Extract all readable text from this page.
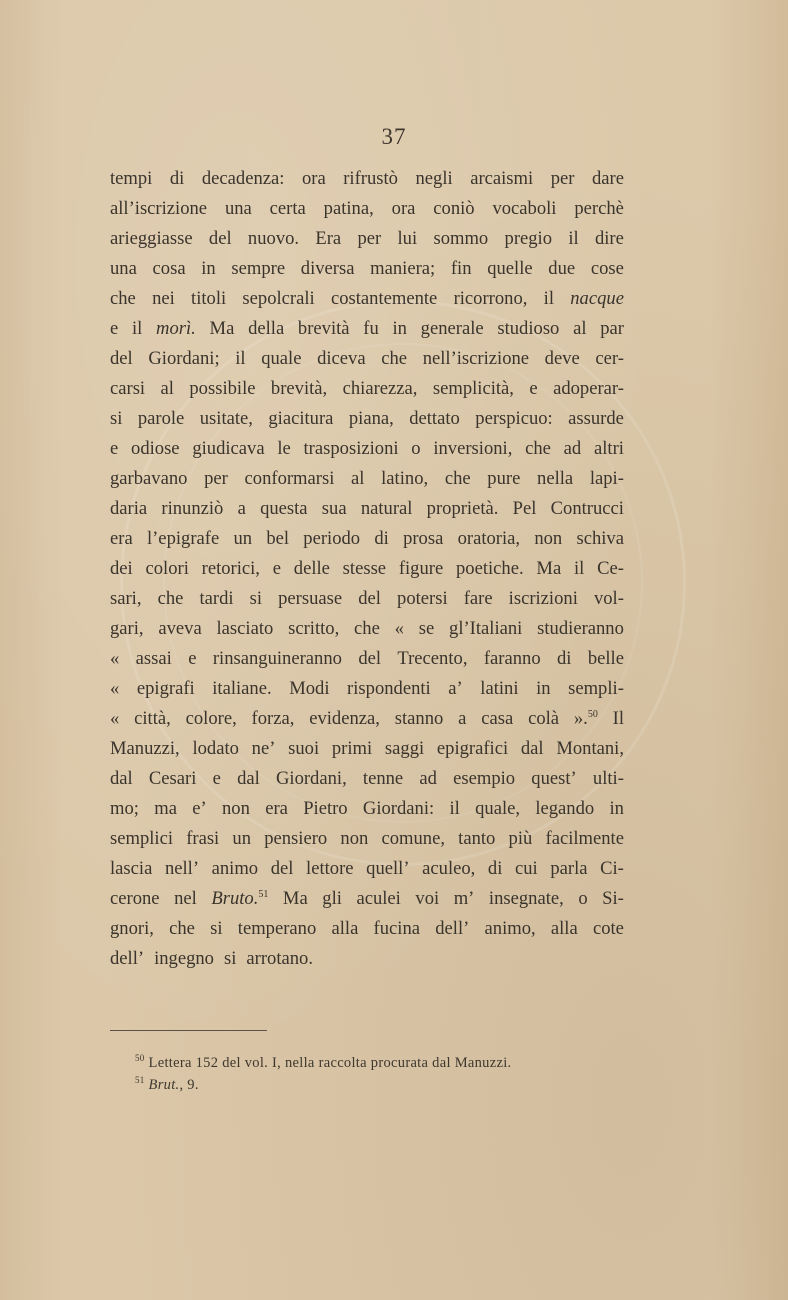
37
tempi di decadenza: ora rifrustò negli arcaismi per dare
all’iscrizione una certa patina, ora coniò vocaboli perchè
arieggiasse del nuovo. Era per lui sommo pregio il dire
una cosa in sempre diversa maniera; fin quelle due cose
che nei titoli sepolcrali costantemente ricorrono, il nacque
e il morì. Ma della brevità fu in generale studioso al par
del Giordani; il quale diceva che nell’iscrizione deve cer-
carsi al possibile brevità, chiarezza, semplicità, e adoperar-
si parole usitate, giacitura piana, dettato perspicuo: assurde
e odiose giudicava le trasposizioni o inversioni, che ad altri
garbavano per conformarsi al latino, che pure nella lapi-
daria rinunziò a questa sua natural proprietà. Pel Contrucci
era l’epigrafe un bel periodo di prosa oratoria, non schiva
dei colori retorici, e delle stesse figure poetiche. Ma il Ce-
sari, che tardi si persuase del potersi fare iscrizioni vol-
gari, aveva lasciato scritto, che « se gl’Italiani studieranno
« assai e rinsanguineranno del Trecento, faranno di belle
« epigrafi italiane. Modi rispondenti a’ latini in sempli-
« città, colore, forza, evidenza, stanno a casa colà ».$^{50}$ Il
Manuzzi, lodato ne’ suoi primi saggi epigrafici dal Montani,
dal Cesari e dal Giordani, tenne ad esempio quest’ ulti-
mo; ma e’ non era Pietro Giordani: il quale, legando in
semplici frasi un pensiero non comune, tanto più facilmente
lascia nell’ animo del lettore quell’ aculeo, di cui parla Ci-
cerone nel Bruto.$^{51}$ Ma gli aculei voi m’ insegnate, o Si-
gnori, che si temperano alla fucina dell’ animo, alla cote
dell’ ingegno si arrotano.
$^{50}$ Lettera 152 del vol. I, nella raccolta procurata dal Manuzzi.
$^{51}$ Brut., 9.
